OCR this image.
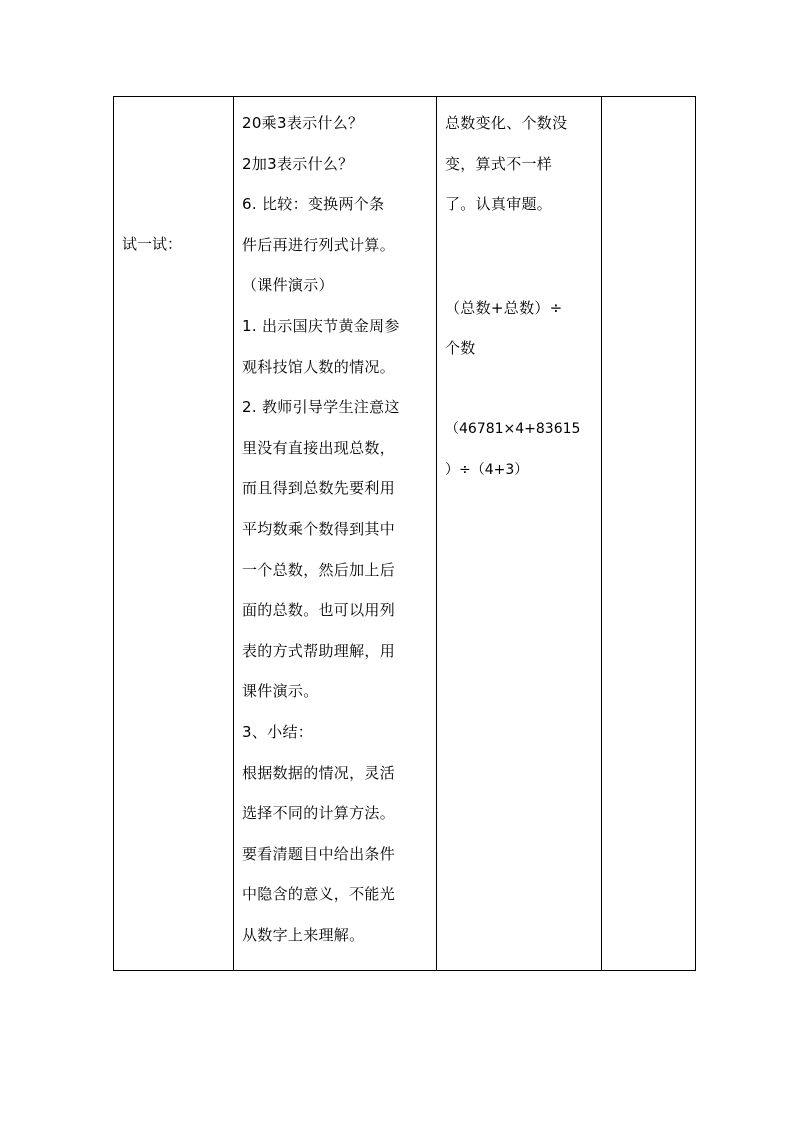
试一试：

20乘3表示什么？
2加3表示什么？
6. 比较：变换两个条
件后再进行列式计算。
（课件演示）
1. 出示国庆节黄金周参
观科技馆人数的情况。
2. 教师引导学生注意这
里没有直接出现总数，
而且得到总数先要利用
平均数乘个数得到其中
一个总数，然后加上后
面的总数。也可以用列
表的方式帮助理解，用
课件演示。
3、小结：
根据数据的情况，灵活
选择不同的计算方法。
要看清题目中给出条件
中隐含的意义，不能光
从数字上来理解。

总数变化、个数没
变，算式不一样
了。认真审题。
（总数+总数）÷
个数
（46781×4+83615
）÷（4+3）
